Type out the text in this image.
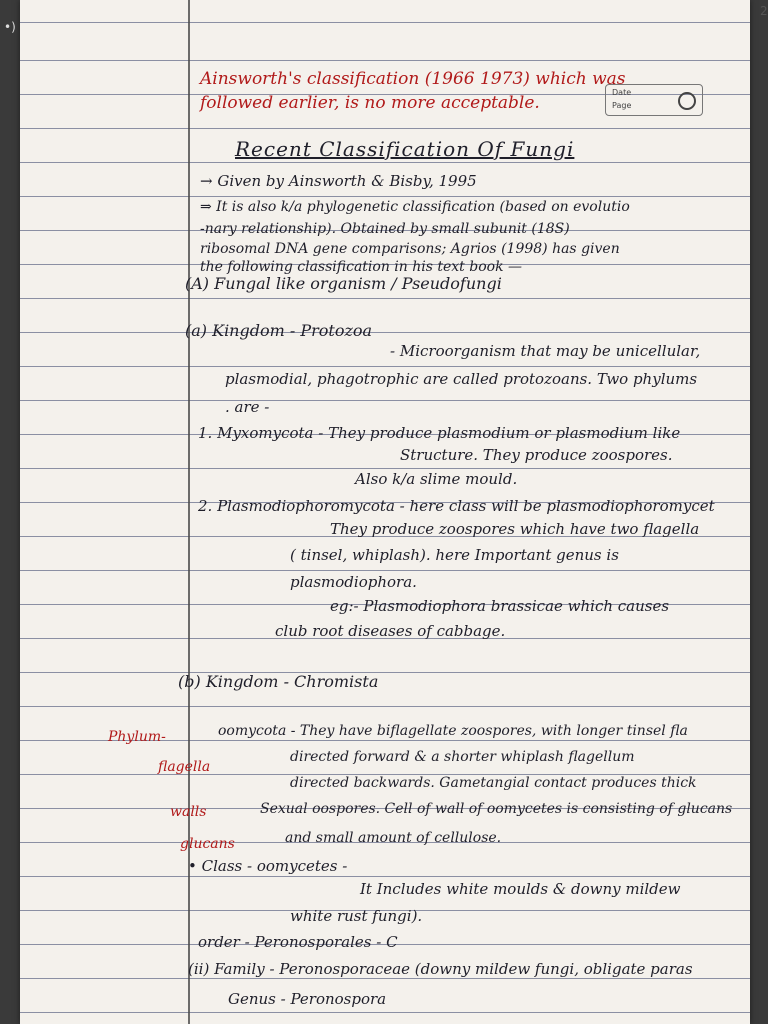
•)
2
Date
Page
Ainsworth's classification (1966 1973) which was
followed earlier, is no more acceptable.
Recent Classification Of Fungi
→ Given by Ainsworth & Bisby, 1995
⇒ It is also k/a phylogenetic classification (based on evolutio
-nary relationship). Obtained by small subunit (18S)
ribosomal DNA gene comparisons; Agrios (1998) has given
the following classification in his text book —
(A) Fungal like organism / Pseudofungi
(a) Kingdom - Protozoa
- Microorganism that may be unicellular,
plasmodial, phagotrophic are called protozoans. Two phylums
. are -
1. Myxomycota - They produce plasmodium or plasmodium like
Structure. They produce zoospores.
Also k/a slime mould.
2. Plasmodiophoromycota - here class will be plasmodiophoromycet
They produce zoospores which have two flagella
( tinsel, whiplash). here Important genus is
plasmodiophora.
eg:- Plasmodiophora brassicae which causes
club root diseases of cabbage.
(b) Kingdom - Chromista
Phylum-
flagella
walls
glucans
oomycota - They have biflagellate zoospores, with longer tinsel fla
directed forward & a shorter whiplash flagellum
directed backwards. Gametangial contact produces thick
Sexual oospores. Cell of wall of oomycetes is consisting of glucans
and small amount of cellulose.
• Class - oomycetes -
It Includes white moulds & downy mildew
white rust fungi).
order - Peronosporales - C
(ii) Family - Peronosporaceae (downy mildew fungi, obligate paras
Genus - Peronospora
